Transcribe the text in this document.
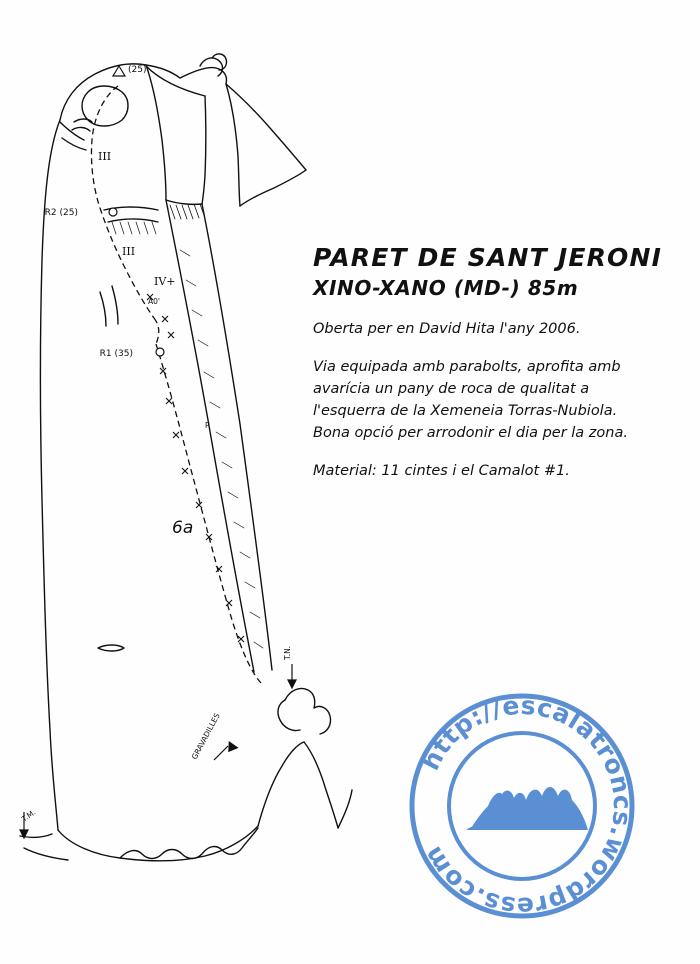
(25)
R2 (25)
R1 (35)
III
III
IV+
A0'
P
6a
T.N.
T.M.
GRAVADILLES
PARET DE SANT JERONI
XINO-XANO (MD-) 85m

Oberta per en David Hita l'any 2006.

Via equipada amb parabolts, aprofita amb avarícia un pany de roca de qualitat a l'esquerra de la Xemeneia Torras-Nubiola. Bona opció per arrodonir el dia per la zona.

Material: 11 cintes i el Camalot #1.

http://escalatroncs.wordpress.com
